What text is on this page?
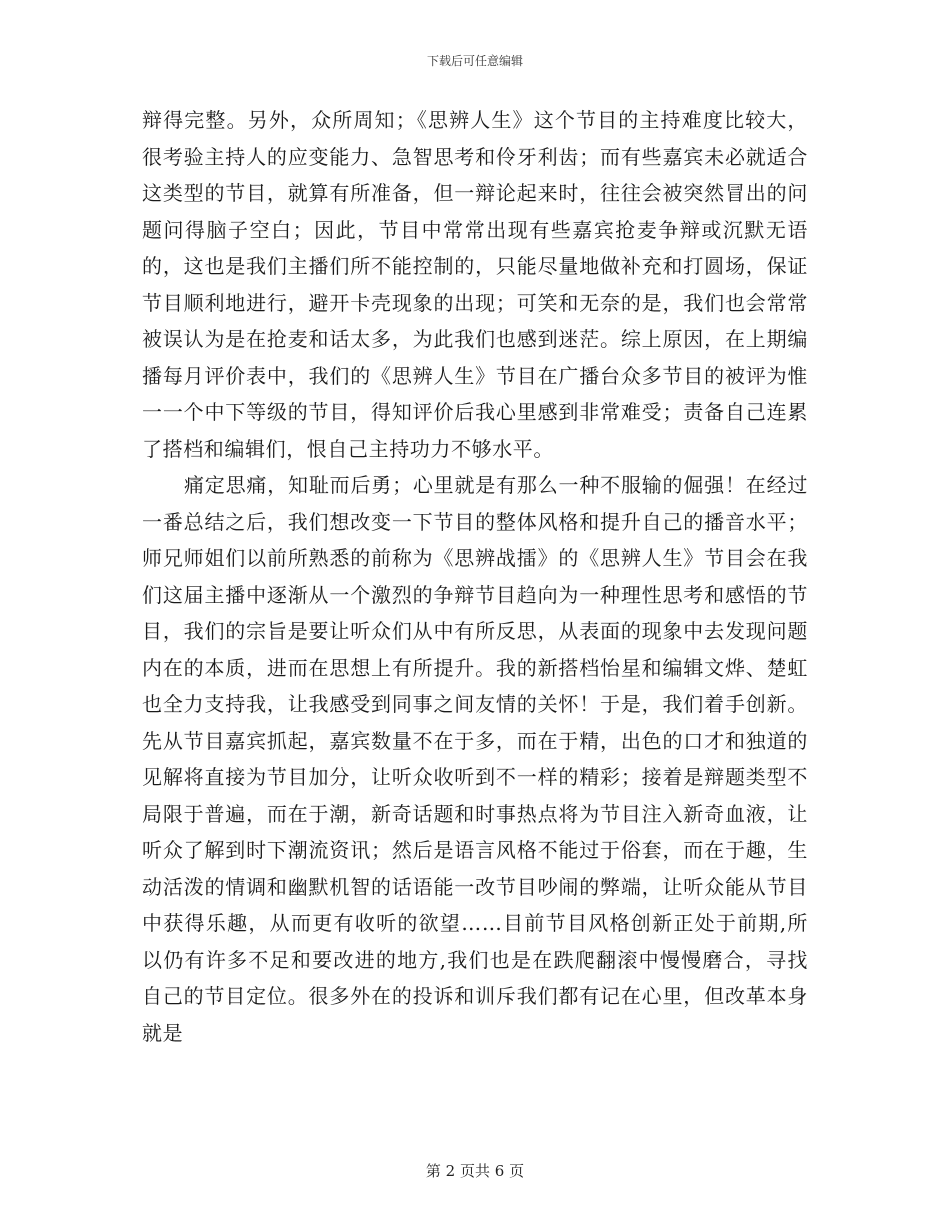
下载后可任意编辑

辩得完整。另外，众所周知；《思辨人生》这个节目的主持难度比较大，很考验主持人的应变能力、急智思考和伶牙利齿；而有些嘉宾未必就适合这类型的节目，就算有所准备，但一辩论起来时，往往会被突然冒出的问题问得脑子空白；因此，节目中常常出现有些嘉宾抢麦争辩或沉默无语的，这也是我们主播们所不能控制的，只能尽量地做补充和打圆场，保证节目顺利地进行，避开卡壳现象的出现；可笑和无奈的是，我们也会常常被误认为是在抢麦和话太多，为此我们也感到迷茫。综上原因，在上期编播每月评价表中，我们的《思辨人生》节目在广播台众多节目的被评为惟一一个中下等级的节目，得知评价后我心里感到非常难受；责备自己连累了搭档和编辑们，恨自己主持功力不够水平。

痛定思痛，知耻而后勇；心里就是有那么一种不服输的倔强！在经过一番总结之后，我们想改变一下节目的整体风格和提升自己的播音水平；师兄师姐们以前所熟悉的前称为《思辨战擂》的《思辨人生》节目会在我们这届主播中逐渐从一个激烈的争辩节目趋向为一种理性思考和感悟的节目，我们的宗旨是要让听众们从中有所反思，从表面的现象中去发现问题内在的本质，进而在思想上有所提升。我的新搭档怡星和编辑文烨、楚虹也全力支持我，让我感受到同事之间友情的关怀！于是，我们着手创新。先从节目嘉宾抓起，嘉宾数量不在于多，而在于精，出色的口才和独道的见解将直接为节目加分，让听众收听到不一样的精彩；接着是辩题类型不局限于普遍，而在于潮，新奇话题和时事热点将为节目注入新奇血液，让听众了解到时下潮流资讯；然后是语言风格不能过于俗套，而在于趣，生动活泼的情调和幽默机智的话语能一改节目吵闹的弊端，让听众能从节目中获得乐趣，从而更有收听的欲望……目前节目风格创新正处于前期,所以仍有许多不足和要改进的地方,我们也是在跌爬翻滚中慢慢磨合，寻找自己的节目定位。很多外在的投诉和训斥我们都有记在心里，但改革本身就是

第 2 页共 6 页
